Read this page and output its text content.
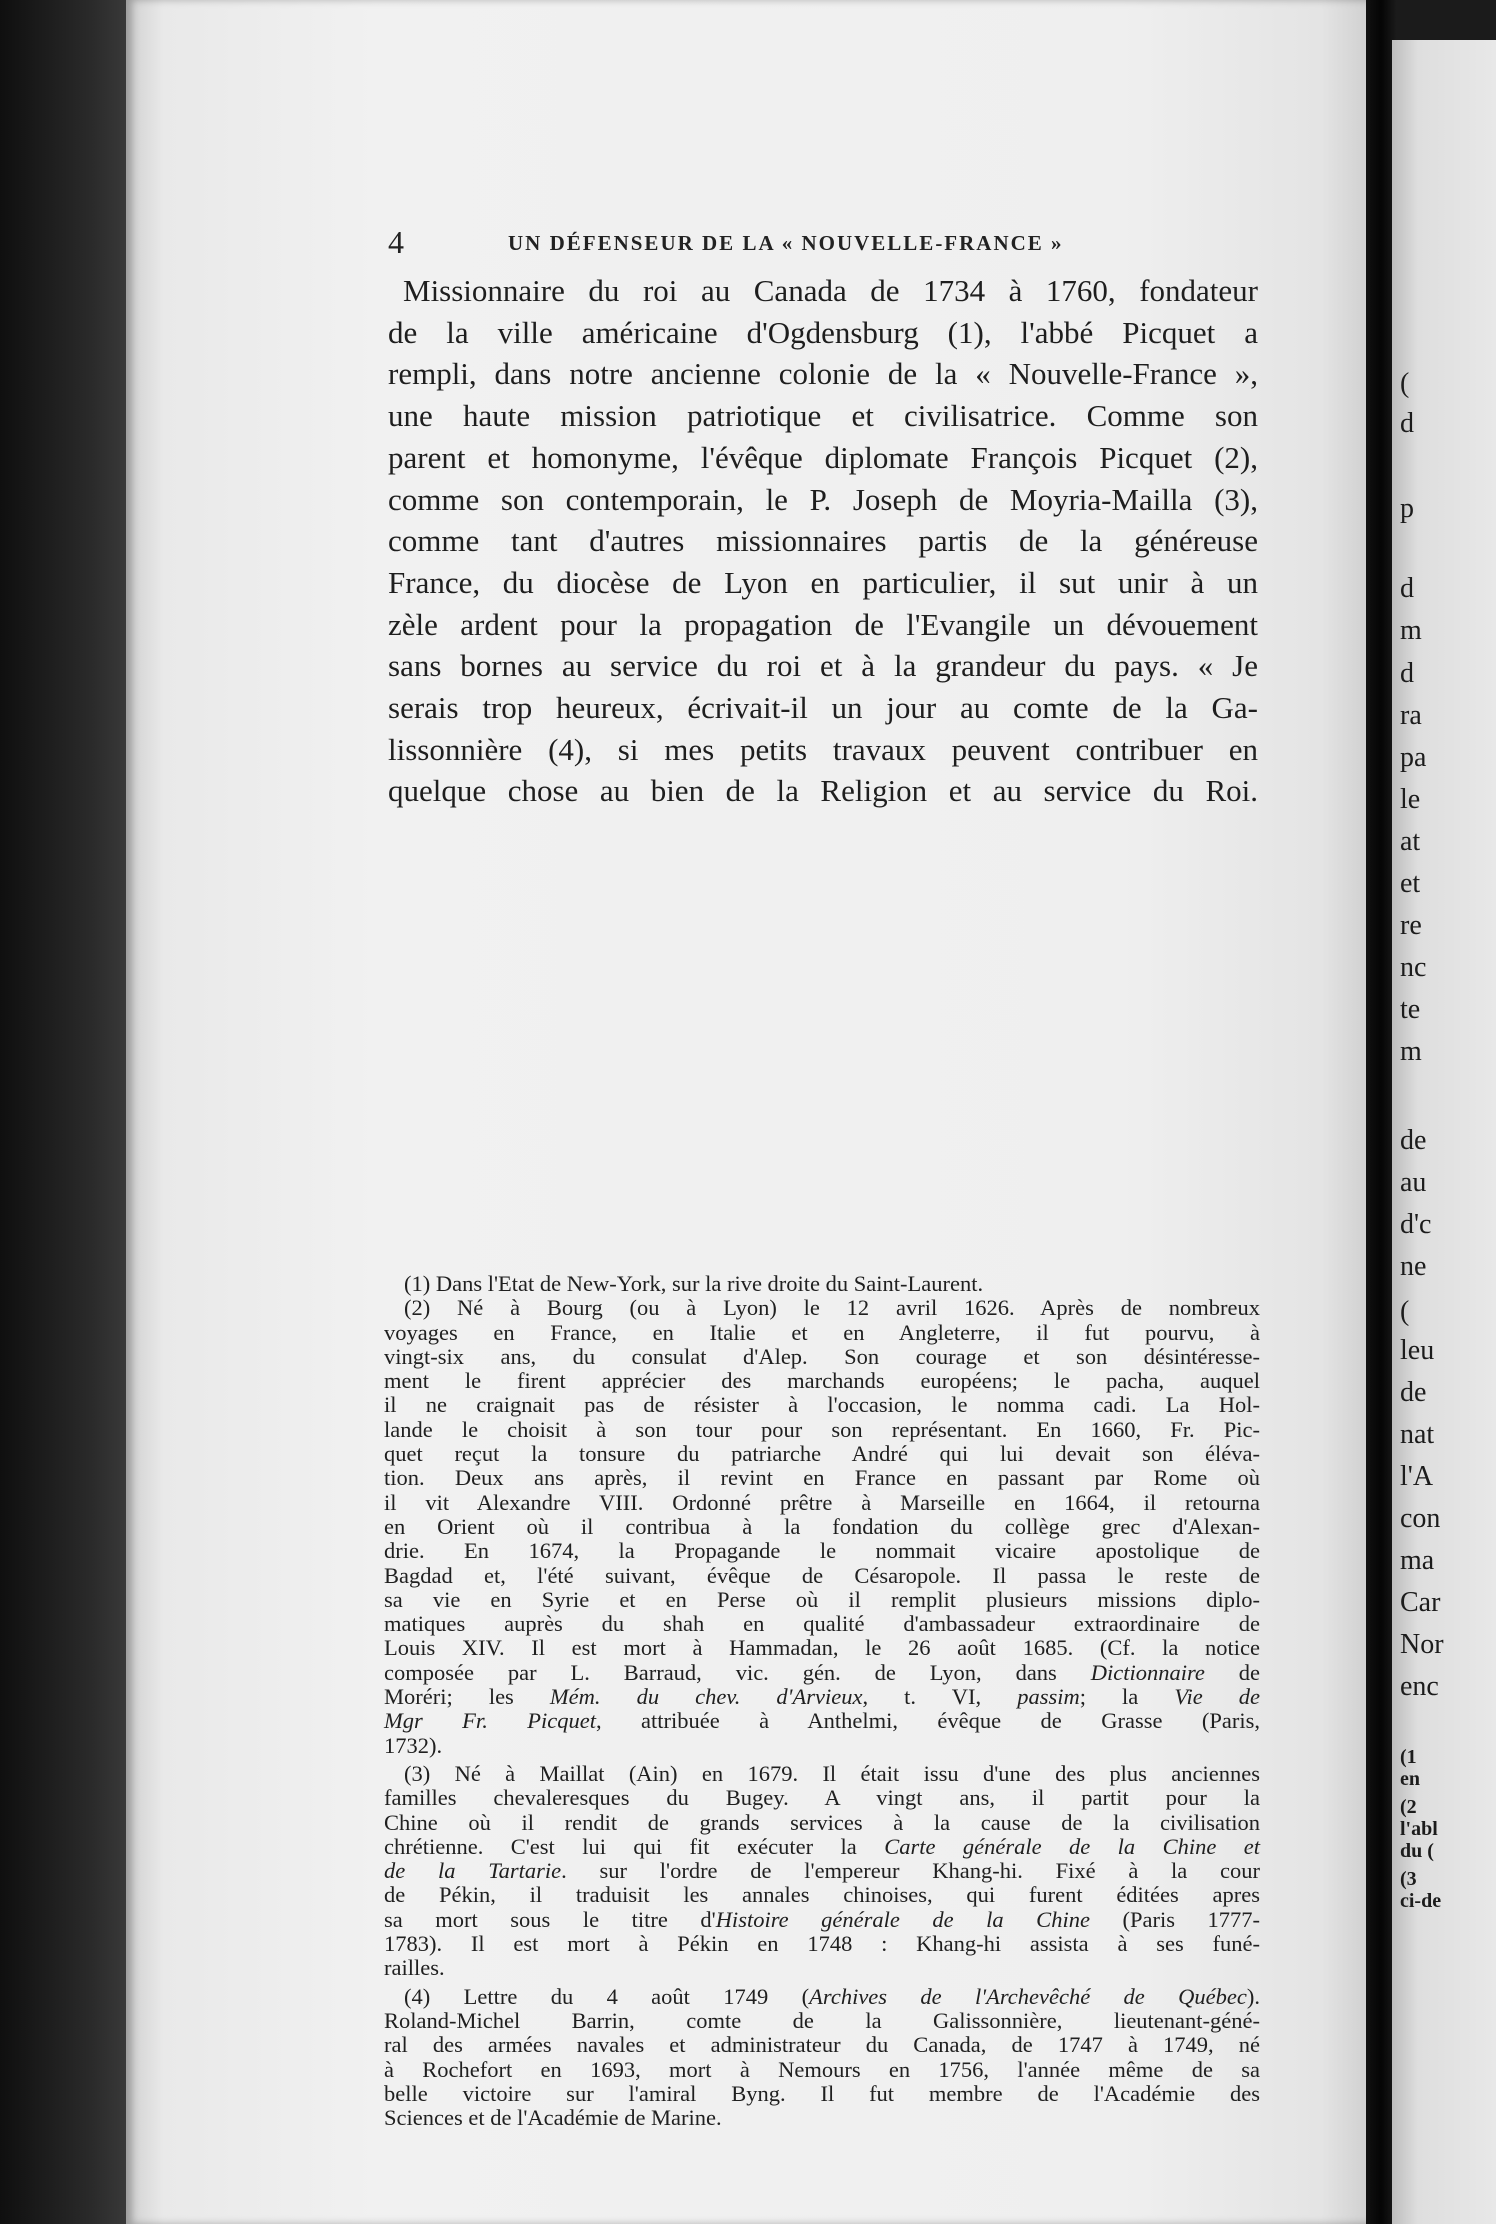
(
d
p
d
m
d
ra
pa
le
at
et
re
nc
te
m
de
au
d'c
ne
(
leu
de
nat
l'A
con
ma
Car
Nor
enc
(1
en
(2
l'abl
du (
(3
ci-de
4	UN DÉFENSEUR DE LA « NOUVELLE-FRANCE »
Missionnaire du roi au Canada de 1734 à 1760, fondateur
de la ville américaine d'Ogdensburg (1), l'abbé Picquet a
rempli, dans notre ancienne colonie de la « Nouvelle-France »,
une haute mission patriotique et civilisatrice. Comme son
parent et homonyme, l'évêque diplomate François Picquet (2),
comme son contemporain, le P. Joseph de Moyria-Mailla (3),
comme tant d'autres missionnaires partis de la généreuse
France, du diocèse de Lyon en particulier, il sut unir à un
zèle ardent pour la propagation de l'Evangile un dévouement
sans bornes au service du roi et à la grandeur du pays. « Je
serais trop heureux, écrivait-il un jour au comte de la Ga-
lissonnière (4), si mes petits travaux peuvent contribuer en
quelque chose au bien de la Religion et au service du Roi.
(1) Dans l'Etat de New-York, sur la rive droite du Saint-Laurent.
(2) Né à Bourg (ou à Lyon) le 12 avril 1626. Après de nombreux
voyages en France, en Italie et en Angleterre, il fut pourvu, à
vingt-six ans, du consulat d'Alep. Son courage et son désintéresse-
ment le firent apprécier des marchands européens; le pacha, auquel
il ne craignait pas de résister à l'occasion, le nomma cadi. La Hol-
lande le choisit à son tour pour son représentant. En 1660, Fr. Pic-
quet reçut la tonsure du patriarche André qui lui devait son éléva-
tion. Deux ans après, il revint en France en passant par Rome où
il vit Alexandre VIII. Ordonné prêtre à Marseille en 1664, il retourna
en Orient où il contribua à la fondation du collège grec d'Alexan-
drie. En 1674, la Propagande le nommait vicaire apostolique de
Bagdad et, l'été suivant, évêque de Césaropole. Il passa le reste de
sa vie en Syrie et en Perse où il remplit plusieurs missions diplo-
matiques auprès du shah en qualité d'ambassadeur extraordinaire de
Louis XIV. Il est mort à Hammadan, le 26 août 1685. (Cf. la notice
composée par L. Barraud, vic. gén. de Lyon, dans Dictionnaire de
Moréri; les Mém. du chev. d'Arvieux, t. VI, passim; la Vie de
Mgr Fr. Picquet, attribuée à Anthelmi, évêque de Grasse (Paris,
1732).
(3) Né à Maillat (Ain) en 1679. Il était issu d'une des plus anciennes
familles chevaleresques du Bugey. A vingt ans, il partit pour la
Chine où il rendit de grands services à la cause de la civilisation
chrétienne. C'est lui qui fit exécuter la Carte générale de la Chine et
de la Tartarie. sur l'ordre de l'empereur Khang-hi. Fixé à la cour
de Pékin, il traduisit les annales chinoises, qui furent éditées apres
sa mort sous le titre d'Histoire générale de la Chine (Paris 1777-
1783). Il est mort à Pékin en 1748 : Khang-hi assista à ses funé-
railles.
(4) Lettre du 4 août 1749 (Archives de l'Archevêché de Québec).
Roland-Michel Barrin, comte de la Galissonnière, lieutenant-géné-
ral des armées navales et administrateur du Canada, de 1747 à 1749, né
à Rochefort en 1693, mort à Nemours en 1756, l'année même de sa
belle victoire sur l'amiral Byng. Il fut membre de l'Académie des
Sciences et de l'Académie de Marine.
